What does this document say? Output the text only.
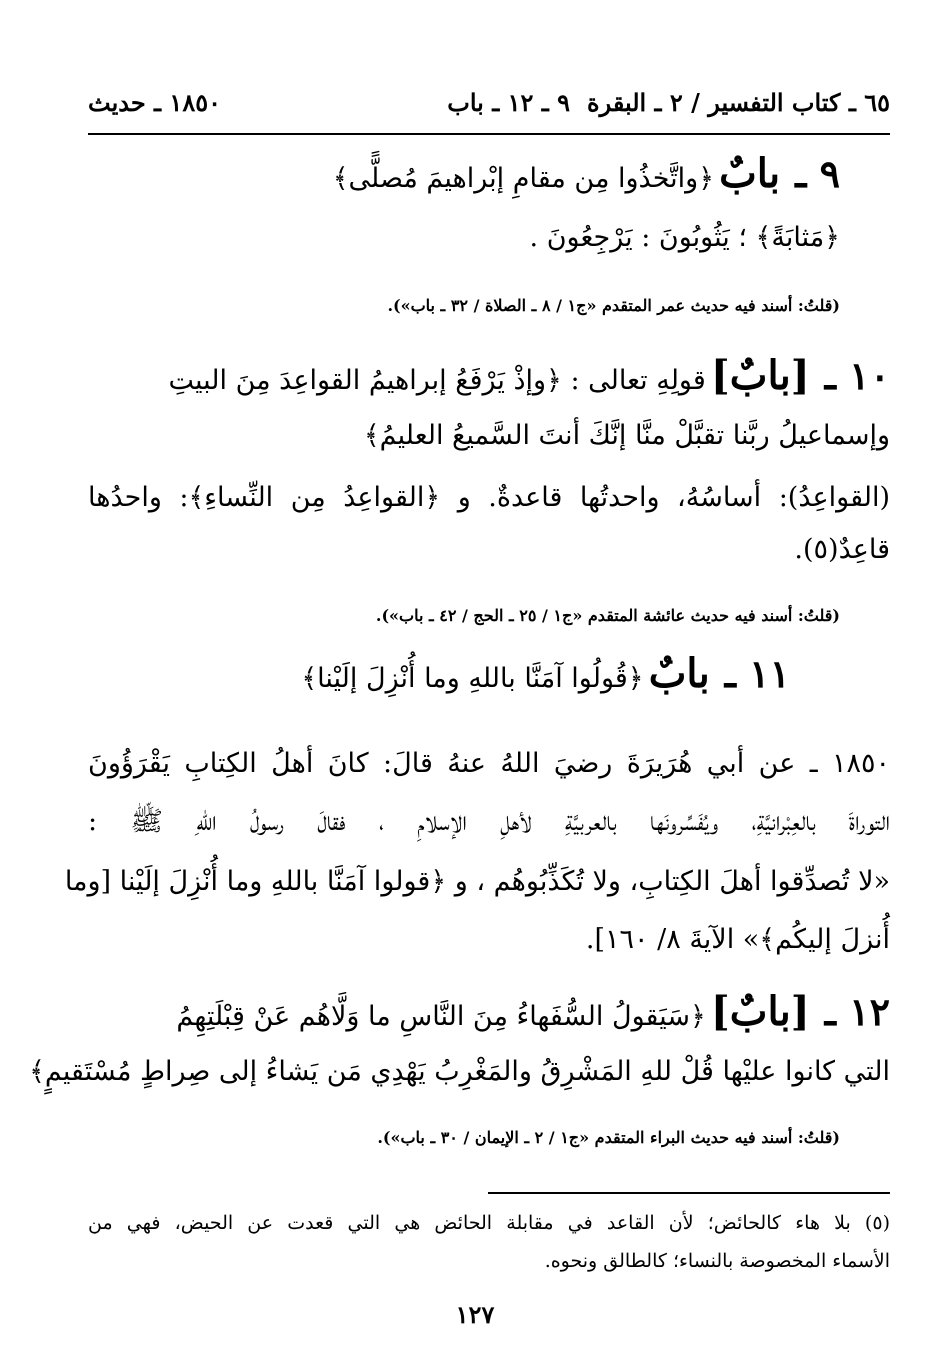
٦٥ ـ كتاب التفسير / ٢ ـ البقرة
٩ ـ ١٢ ـ باب
١٨٥٠ ـ حديث
٩ ـ بابٌ ﴿واتَّخذُوا مِن مقامِ إبْراهيمَ مُصلًّى﴾
﴿مَثابَةً﴾ ؛ يَثُوبُونَ : يَرْجِعُونَ .
(قلتُ: أسند فيه حديث عمر المتقدم «ج١ / ٨ ـ الصلاة / ٣٢ ـ باب»).
١٠ ـ [بابٌ] قولِهِ تعالى : ﴿وإذْ يَرْفَعُ إبراهيمُ القواعِدَ مِنَ البيتِ
وإسماعيلُ ربَّنا تقبَّلْ منَّا إنَّكَ أنتَ السَّميعُ العليمُ﴾
(القواعِدُ): أساسُهُ، واحدتُها قاعدةٌ. و ﴿القواعِدُ مِن النِّساءِ﴾: واحدُها
قاعِدٌ(٥).
(قلتُ: أسند فيه حديث عائشة المتقدم «ج١ / ٢٥ ـ الحج / ٤٢ ـ باب»).
١١ ـ بابٌ ﴿قُولُوا آمَنَّا باللهِ وما أُنْزِلَ إلَيْنا﴾
١٨٥٠ ـ عن أبي هُرَيرَةَ رضيَ اللهُ عنهُ قالَ: كانَ أهلُ الكِتابِ يَقْرَؤُونَ
التوراةَ بالعِبْرانيَّةِ، ويُفَسِّرونَها بالعربيَّةِ لأهلِ الإسلامِ ، فقالَ رسولُ اللهِ ﷺ :
«لا تُصدِّقوا أهلَ الكِتابِ، ولا تُكَذِّبُوهُم ، و ﴿قولوا آمَنَّا باللهِ وما أُنْزِلَ إلَيْنا [وما
أُنزلَ إليكُم﴾» الآيةَ ٨/ ١٦٠].
١٢ ـ [بابٌ] ﴿سَيَقولُ السُّفَهاءُ مِنَ النَّاسِ ما وَلَّاهُم عَنْ قِبْلَتِهِمُ
التي كانوا عليْها قُلْ للهِ المَشْرِقُ والمَغْرِبُ يَهْدِي مَن يَشاءُ إلى صِراطٍ مُسْتَقيمٍ﴾
(قلتُ: أسند فيه حديث البراء المتقدم «ج١ / ٢ ـ الإيمان / ٣٠ ـ باب»).
(٥) بلا هاء كالحائض؛ لأن القاعد في مقابلة الحائض هي التي قعدت عن الحيض، فهي من
الأسماء المخصوصة بالنساء؛ كالطالق ونحوه.
١٢٧
